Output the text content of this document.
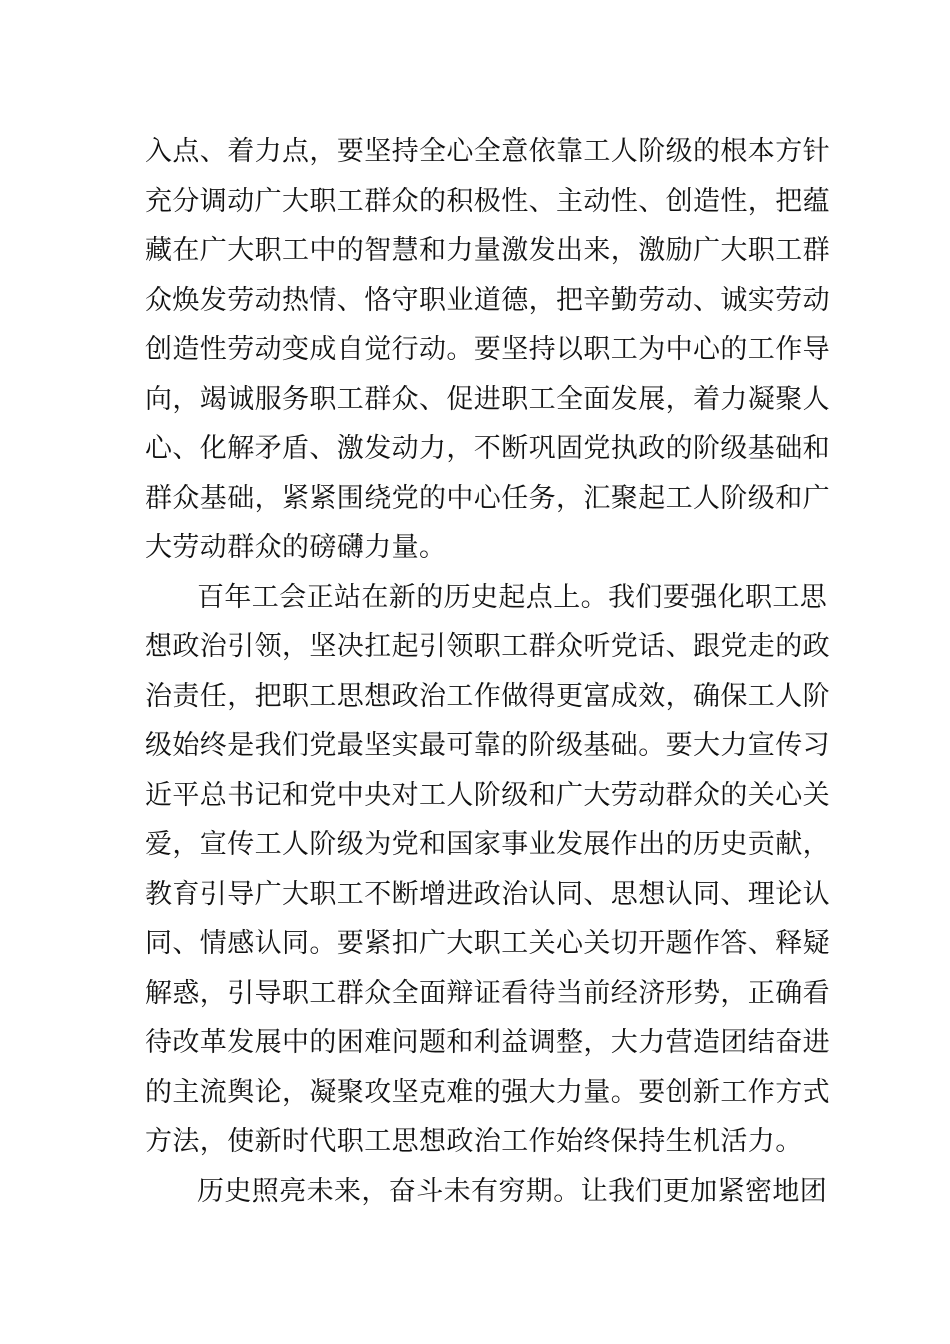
入点、着力点，要坚持全心全意依靠工人阶级的根本方针
充分调动广大职工群众的积极性、主动性、创造性，把蕴
藏在广大职工中的智慧和力量激发出来，激励广大职工群
众焕发劳动热情、恪守职业道德，把辛勤劳动、诚实劳动
创造性劳动变成自觉行动。要坚持以职工为中心的工作导
向，竭诚服务职工群众、促进职工全面发展，着力凝聚人
心、化解矛盾、激发动力，不断巩固党执政的阶级基础和
群众基础，紧紧围绕党的中心任务，汇聚起工人阶级和广
大劳动群众的磅礴力量。

百年工会正站在新的历史起点上。我们要强化职工思
想政治引领，坚决扛起引领职工群众听党话、跟党走的政
治责任，把职工思想政治工作做得更富成效，确保工人阶
级始终是我们党最坚实最可靠的阶级基础。要大力宣传习
近平总书记和党中央对工人阶级和广大劳动群众的关心关
爱，宣传工人阶级为党和国家事业发展作出的历史贡献，
教育引导广大职工不断增进政治认同、思想认同、理论认
同、情感认同。要紧扣广大职工关心关切开题作答、释疑
解惑，引导职工群众全面辩证看待当前经济形势，正确看
待改革发展中的困难问题和利益调整，大力营造团结奋进
的主流舆论，凝聚攻坚克难的强大力量。要创新工作方式
方法，使新时代职工思想政治工作始终保持生机活力。

历史照亮未来，奋斗未有穷期。让我们更加紧密地团
